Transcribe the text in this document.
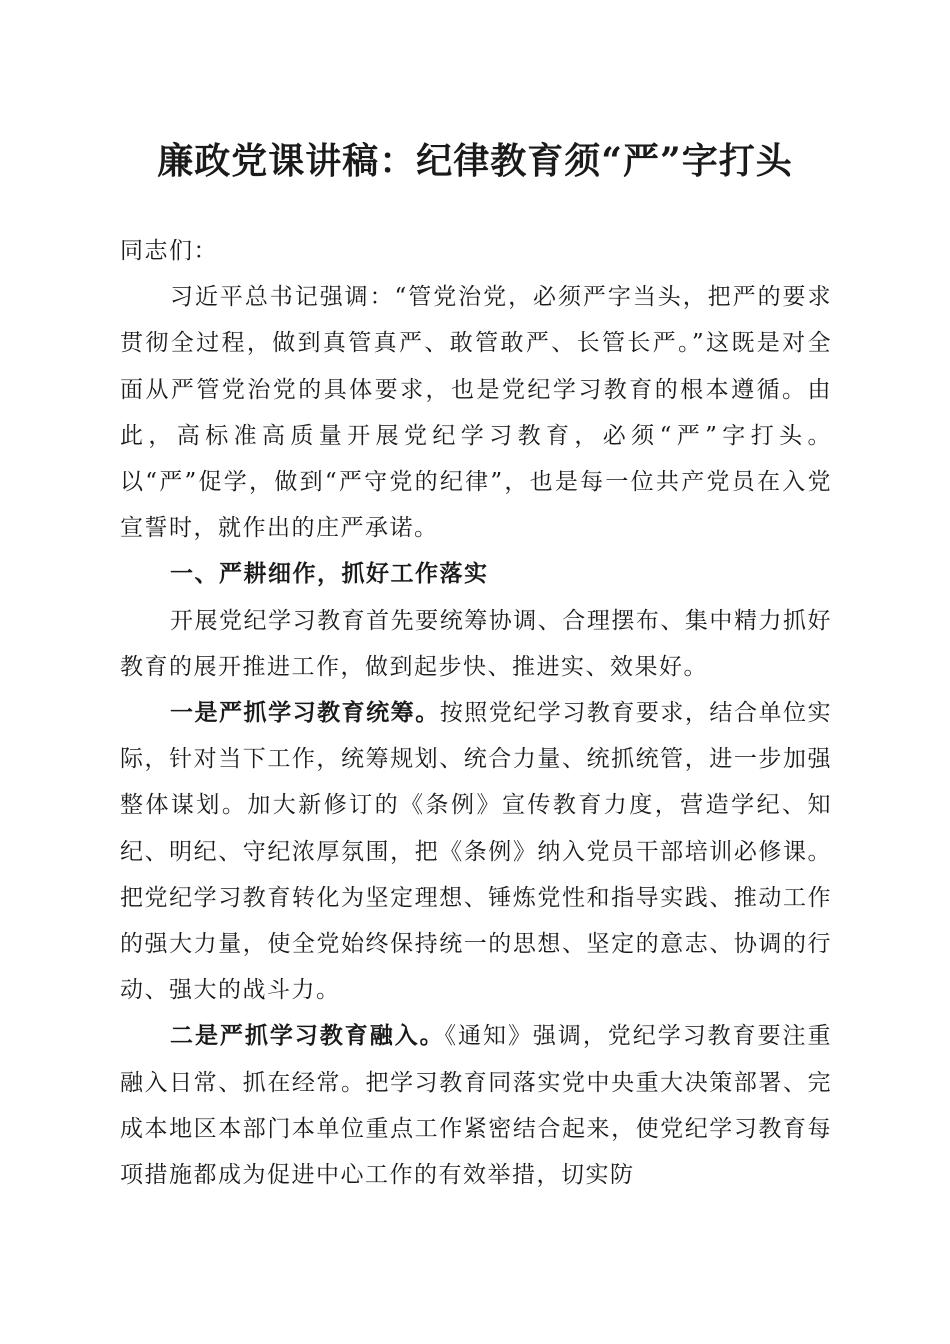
廉政党课讲稿：纪律教育须“严”字打头

同志们：

习近平总书记强调：“管党治党，必须严字当头，把严的要求贯彻全过程，做到真管真严、敢管敢严、长管长严。”这既是对全面从严管党治党的具体要求，也是党纪学习教育的根本遵循。由此，高标准高质量开展党纪学习教育，必须“严”字打头。以“严”促学，做到“严守党的纪律”，也是每一位共产党员在入党宣誓时，就作出的庄严承诺。

一、严耕细作，抓好工作落实

开展党纪学习教育首先要统筹协调、合理摆布、集中精力抓好教育的展开推进工作，做到起步快、推进实、效果好。

一是严抓学习教育统筹。按照党纪学习教育要求，结合单位实际，针对当下工作，统筹规划、统合力量、统抓统管，进一步加强整体谋划。加大新修订的《条例》宣传教育力度，营造学纪、知纪、明纪、守纪浓厚氛围，把《条例》纳入党员干部培训必修课。把党纪学习教育转化为坚定理想、锤炼党性和指导实践、推动工作的强大力量，使全党始终保持统一的思想、坚定的意志、协调的行动、强大的战斗力。

二是严抓学习教育融入。《通知》强调，党纪学习教育要注重融入日常、抓在经常。把学习教育同落实党中央重大决策部署、完成本地区本部门本单位重点工作紧密结合起来，使党纪学习教育每项措施都成为促进中心工作的有效举措，切实防
